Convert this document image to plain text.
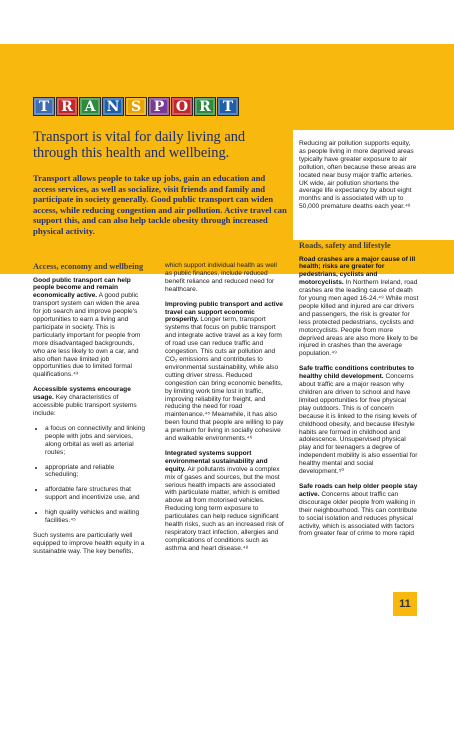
T R A N S P O R T
Transport is vital for daily living and through this health and wellbeing.

Transport allows people to take up jobs, gain an education and access services, as well as socialize, visit friends and family and participate in society generally. Good public transport can widen access, while reducing congestion and air pollution. Active travel can support this, and can also help tackle obesity through increased physical activity.

Access, economy and wellbeing

Good public transport can help people become and remain economically active. A good public transport system can widen the area for job search and improve people's opportunities to earn a living and participate in society. This is particularly important for people from more disadvantaged backgrounds, who are less likely to own a car, and also often have limited job opportunities due to limited formal qualifications.⁴³

Accessible systems encourage usage. Key characteristics of accessible public transport systems include:

• a focus on connectivity and linking people with jobs and services, along orbital as well as arterial routes;
• appropriate and reliable scheduling;
• affordable fare structures that support and incentivize use, and
• high quality vehicles and waiting facilities.⁴⁵

Such systems are particularly well equipped to improve health equity in a sustainable way. The key benefits,

which support individual health as well as public finances, include reduced benefit reliance and reduced need for healthcare.

Improving public transport and active travel can support economic prosperity. Longer term, transport systems that focus on public transport and integrate active travel as a key form of road use can reduce traffic and congestion. This cuts air pollution and CO₂ emissions and contributes to environmental sustainability, while also cutting driver stress. Reduced congestion can bring economic benefits, by limiting work time lost in traffic, improving reliability for freight, and reducing the need for road maintenance.⁴⁵ Meanwhile, it has also been found that people are willing to pay a premium for living in socially cohesive and walkable environments.⁴⁶

Integrated systems support environmental sustainability and equity. Air pollutants involve a complex mix of gases and sources, but the most serious health impacts are associated with particulate matter, which is emitted above all from motorised vehicles. Reducing long term exposure to particulates can help reduce significant health risks, such as an increased risk of respiratory tract infection, allergies and complications of conditions such as asthma and heart disease.⁴⁸

Reducing air pollution supports equity, as people living in more deprived areas typically have greater exposure to air pollution, often because these areas are located near busy major traffic arteries. UK wide, air pollution shortens the average life expectancy by about eight months and is associated with up to 50,000 premature deaths each year.⁴⁸

Roads, safety and lifestyle

Road crashes are a major cause of ill health; risks are greater for pedestrians, cyclists and motorcyclists. In Northern Ireland, road crashes are the leading cause of death for young men aged 16-24.⁴⁹ While most people killed and injured are car drivers and passengers, the risk is greater for less protected pedestrians, cyclists and motorcyclists. People from more deprived areas are also more likely to be injured in crashes than the average population.⁴⁹

Safe traffic conditions contributes to healthy child development. Concerns about traffic are a major reason why children are driven to school and have limited opportunities for free physical play outdoors. This is of concern because it is linked to the rising levels of childhood obesity, and because lifestyle habits are formed in childhood and adolescence. Unsupervised physical play and for teenagers a degree of independent mobility is also essential for healthy mental and social development.⁵⁰

Safe roads can help older people stay active. Concerns about traffic can discourage older people from walking in their neighbourhood. This can contribute to social isolation and reduces physical activity, which is associated with factors from greater fear of crime to more rapid

11
